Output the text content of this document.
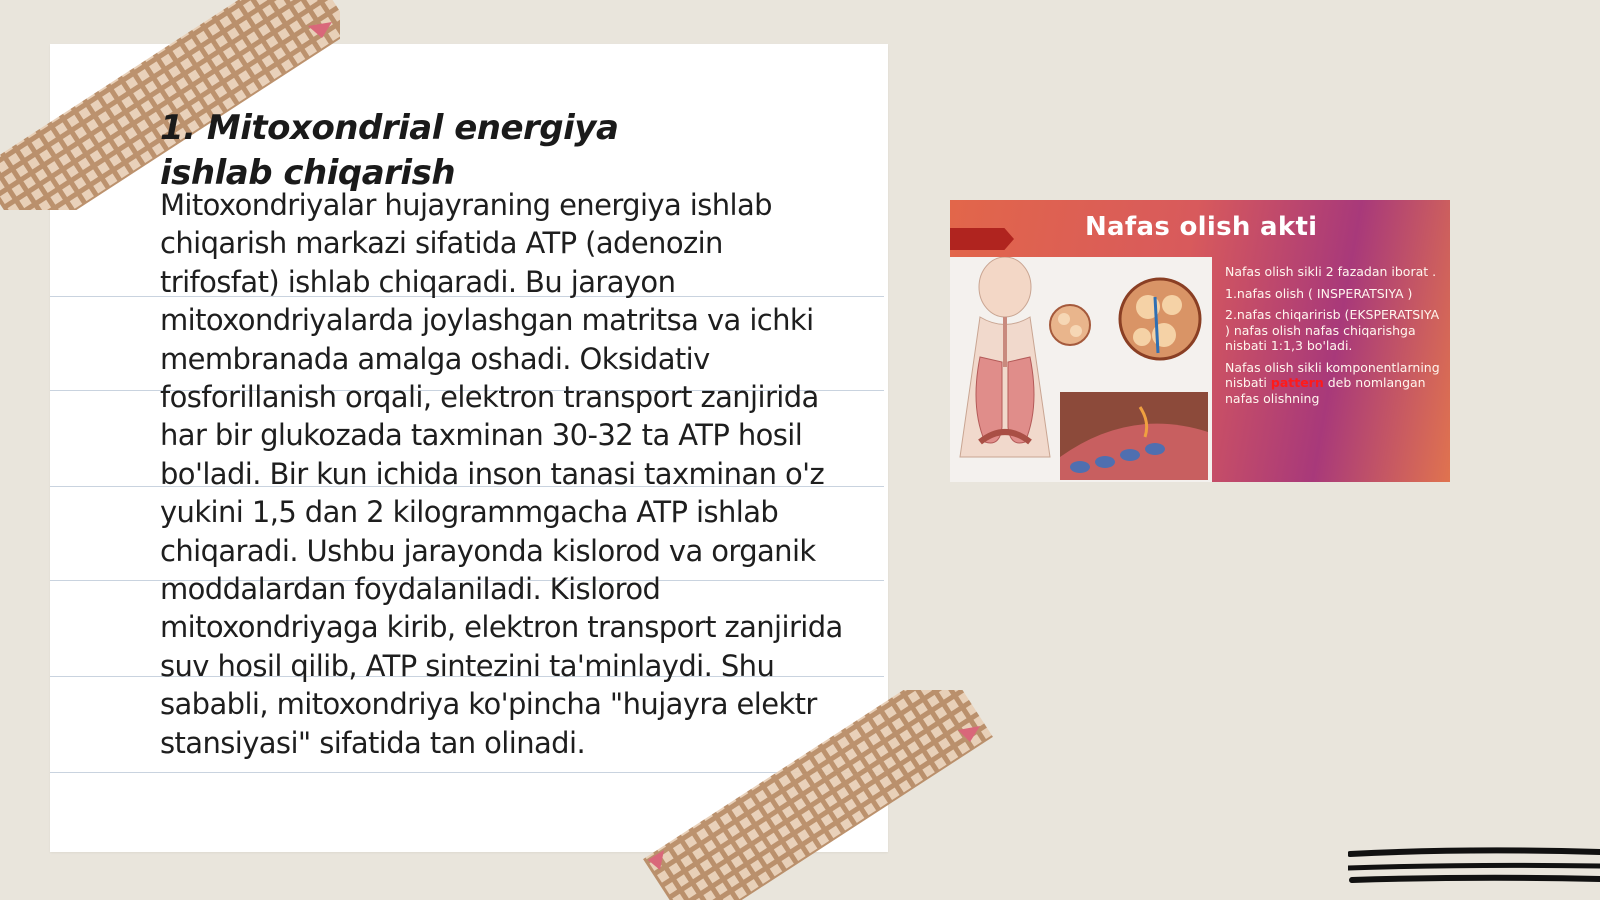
1. Mitoxondrial energiya ishlab chiqarish
Mitoxondriyalar hujayraning energiya ishlab chiqarish markazi sifatida ATP (adenozin trifosfat) ishlab chiqaradi. Bu jarayon mitoxondriyalarda joylashgan matritsa va ichki membranada amalga oshadi. Oksidativ fosforillanish orqali, elektron transport zanjirida har bir glukozada taxminan 30-32 ta ATP hosil bo'ladi. Bir kun ichida inson tanasi taxminan o'z yukini 1,5 dan 2 kilogrammgacha ATP ishlab chiqaradi. Ushbu jarayonda kislorod va organik moddalardan foydalaniladi. Kislorod mitoxondriyaga kirib, elektron transport zanjirida suv hosil qilib, ATP sintezini ta'minlaydi. Shu sababli, mitoxondriya ko'pincha "hujayra elektr stansiyasi" sifatida tan olinadi.
Nafas olish akti

Nafas olish sikli 2 fazadan iborat .

1.nafas olish ( INSPERATSIYA )

2.nafas chiqaririsb (EKSPERATSIYA ) nafas olish nafas chiqarishga nisbati 1:1,3 bo'ladi.

Nafas olish sikli komponentlarning nisbati pattern deb nomlangan nafas olishning
